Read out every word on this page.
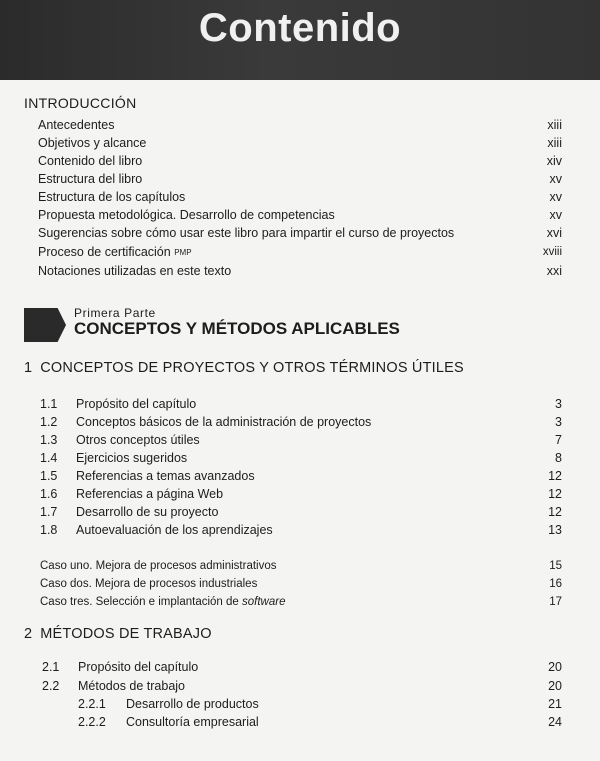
Contenido
INTRODUCCIÓN
Antecedentes	xiii
Objetivos y alcance	xiii
Contenido del libro	xiv
Estructura del libro	xv
Estructura de los capítulos	xv
Propuesta metodológica. Desarrollo de competencias	xv
Sugerencias sobre cómo usar este libro para impartir el curso de proyectos	xvi
Proceso de certificación PMP	xviii
Notaciones utilizadas en este texto	xxi
Primera Parte
CONCEPTOS Y MÉTODOS APLICABLES
1 CONCEPTOS DE PROYECTOS Y OTROS TÉRMINOS ÚTILES
1.1 Propósito del capítulo	3
1.2 Conceptos básicos de la administración de proyectos	3
1.3 Otros conceptos útiles	7
1.4 Ejercicios sugeridos	8
1.5 Referencias a temas avanzados	12
1.6 Referencias a página Web	12
1.7 Desarrollo de su proyecto	12
1.8 Autoevaluación de los aprendizajes	13
Caso uno. Mejora de procesos administrativos	15
Caso dos. Mejora de procesos industriales	16
Caso tres. Selección e implantación de software	17
2 MÉTODOS DE TRABAJO
2.1 Propósito del capítulo	20
2.2 Métodos de trabajo	20
2.2.1 Desarrollo de productos	21
2.2.2 Consultoría empresarial	24
